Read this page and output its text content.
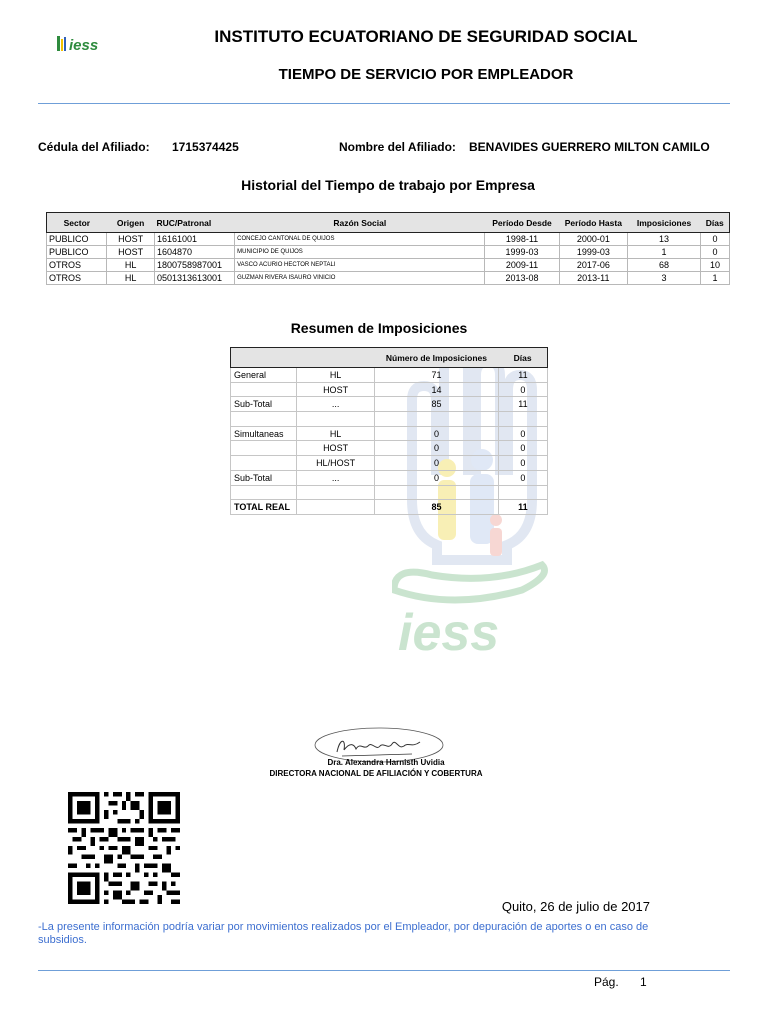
iess	INSTITUTO ECUATORIANO DE SEGURIDAD SOCIAL
TIEMPO DE SERVICIO POR EMPLEADOR
Cédula del Afiliado: 1715374425	Nombre del Afiliado: BENAVIDES GUERRERO MILTON CAMILO
Historial del Tiempo de trabajo por Empresa
Sector	Origen	RUC/Patronal	Razón Social	Período Desde	Período Hasta	Imposiciones	Días
PUBLICO	HOST	16161001	CONCEJO CANTONAL DE QUIJOS	1998-11	2000-01	13	0
PUBLICO	HOST	1604870	MUNICIPIO DE QUIJOS	1999-03	1999-03	1	0
OTROS	HL	1800758987001	VASCO ACURIO HECTOR NEPTALI	2009-11	2017-06	68	10
OTROS	HL	0501313613001	GUZMAN RIVERA ISAURO VINICIO	2013-08	2013-11	3	1
iess
Resumen de Imposiciones
		Número de Imposiciones	Días
General	HL	71	11
	HOST	14	0
Sub-Total	...	85	11

Simultaneas	HL	0	0
	HOST	0	0
	HL/HOST	0	0
Sub-Total	...	0	0

TOTAL REAL		85	11
Dra. Alexandra Harnisth Uvidia
DIRECTORA NACIONAL DE AFILIACIÓN Y COBERTURA
Quito, 26 de julio de 2017
-La presente información podría variar por movimientos realizados por el Empleador, por depuración de aportes o en caso de subsidios.
Pág. 1
